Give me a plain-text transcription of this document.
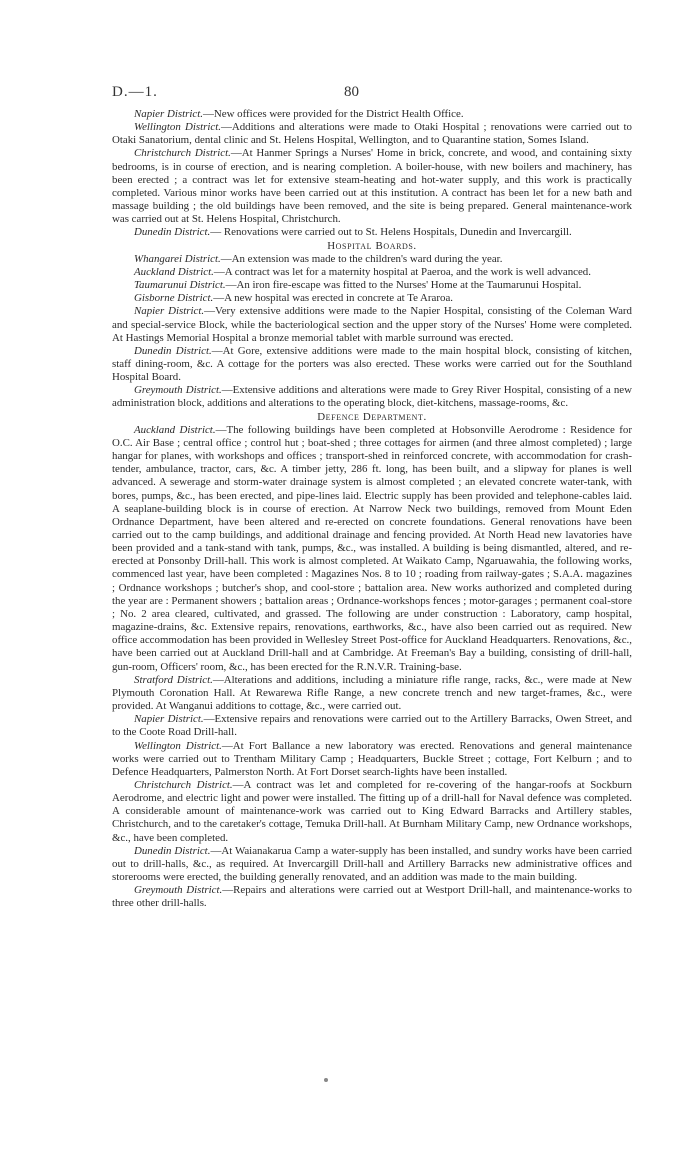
D.—1.	80

Napier District.—New offices were provided for the District Health Office.

Wellington District.—Additions and alterations were made to Otaki Hospital ; renovations were carried out to Otaki Sanatorium, dental clinic and St. Helens Hospital, Wellington, and to Quarantine station, Somes Island.

Christchurch District.—At Hanmer Springs a Nurses' Home in brick, concrete, and wood, and containing sixty bedrooms, is in course of erection, and is nearing completion. A boiler-house, with new boilers and machinery, has been erected ; a contract was let for extensive steam-heating and hot-water supply, and this work is practically completed. Various minor works have been carried out at this institution. A contract has been let for a new bath and massage building ; the old buildings have been removed, and the site is being prepared. General maintenance-work was carried out at St. Helens Hospital, Christchurch.

Dunedin District.— Renovations were carried out to St. Helens Hospitals, Dunedin and Invercargill.

Hospital Boards.

Whangarei District.—An extension was made to the children's ward during the year.

Auckland District.—A contract was let for a maternity hospital at Paeroa, and the work is well advanced.

Taumarunui District.—An iron fire-escape was fitted to the Nurses' Home at the Taumarunui Hospital.

Gisborne District.—A new hospital was erected in concrete at Te Araroa.

Napier District.—Very extensive additions were made to the Napier Hospital, consisting of the Coleman Ward and special-service Block, while the bacteriological section and the upper story of the Nurses' Home were completed. At Hastings Memorial Hospital a bronze memorial tablet with marble surround was erected.

Dunedin District.—At Gore, extensive additions were made to the main hospital block, consisting of kitchen, staff dining-room, &c. A cottage for the porters was also erected. These works were carried out for the Southland Hospital Board.

Greymouth District.—Extensive additions and alterations were made to Grey River Hospital, consisting of a new administration block, additions and alterations to the operating block, diet-kitchens, massage-rooms, &c.

Defence Department.

Auckland District.—The following buildings have been completed at Hobsonville Aerodrome : Residence for O.C. Air Base ; central office ; control hut ; boat-shed ; three cottages for airmen (and three almost completed) ; large hangar for planes, with workshops and offices ; transport-shed in reinforced concrete, with accommodation for crash-tender, ambulance, tractor, cars, &c. A timber jetty, 286 ft. long, has been built, and a slipway for planes is well advanced. A sewerage and storm-water drainage system is almost completed ; an elevated concrete water-tank, with bores, pumps, &c., has been erected, and pipe-lines laid. Electric supply has been provided and telephone-cables laid. A seaplane-building block is in course of erection. At Narrow Neck two buildings, removed from Mount Eden Ordnance Department, have been altered and re-erected on concrete foundations. General renovations have been carried out to the camp buildings, and additional drainage and fencing provided. At North Head new lavatories have been provided and a tank-stand with tank, pumps, &c., was installed. A building is being dismantled, altered, and re-erected at Ponsonby Drill-hall. This work is almost completed. At Waikato Camp, Ngaruawahia, the following works, commenced last year, have been completed : Magazines Nos. 8 to 10 ; roading from railway-gates ; S.A.A. magazines ; Ordnance workshops ; butcher's shop, and cool-store ; battalion area. New works authorized and completed during the year are : Permanent showers ; battalion areas ; Ordnance-workshops fences ; motor-garages ; permanent coal-store ; No. 2 area cleared, cultivated, and grassed. The following are under construction : Laboratory, camp hospital, magazine-drains, &c. Extensive repairs, renovations, earthworks, &c., have also been carried out as required. New office accommodation has been provided in Wellesley Street Post-office for Auckland Headquarters. Renovations, &c., have been carried out at Auckland Drill-hall and at Cambridge. At Freeman's Bay a building, consisting of drill-hall, gun-room, Officers' room, &c., has been erected for the R.N.V.R. Training-base.

Stratford District.—Alterations and additions, including a miniature rifle range, racks, &c., were made at New Plymouth Coronation Hall. At Rewarewa Rifle Range, a new concrete trench and new target-frames, &c., were provided. At Wanganui additions to cottage, &c., were carried out.

Napier District.—Extensive repairs and renovations were carried out to the Artillery Barracks, Owen Street, and to the Coote Road Drill-hall.

Wellington District.—At Fort Ballance a new laboratory was erected. Renovations and general maintenance works were carried out to Trentham Military Camp ; Headquarters, Buckle Street ; cottage, Fort Kelburn ; and to Defence Headquarters, Palmerston North. At Fort Dorset search-lights have been installed.

Christchurch District.—A contract was let and completed for re-covering of the hangar-roofs at Sockburn Aerodrome, and electric light and power were installed. The fitting up of a drill-hall for Naval defence was completed. A considerable amount of maintenance-work was carried out to King Edward Barracks and Artillery stables, Christchurch, and to the caretaker's cottage, Temuka Drill-hall. At Burnham Military Camp, new Ordnance workshops, &c., have been completed.

Dunedin District.—At Waianakarua Camp a water-supply has been installed, and sundry works have been carried out to drill-halls, &c., as required. At Invercargill Drill-hall and Artillery Barracks new administrative offices and storerooms were erected, the building generally renovated, and an addition was made to the main building.

Greymouth District.—Repairs and alterations were carried out at Westport Drill-hall, and maintenance-works to three other drill-halls.
